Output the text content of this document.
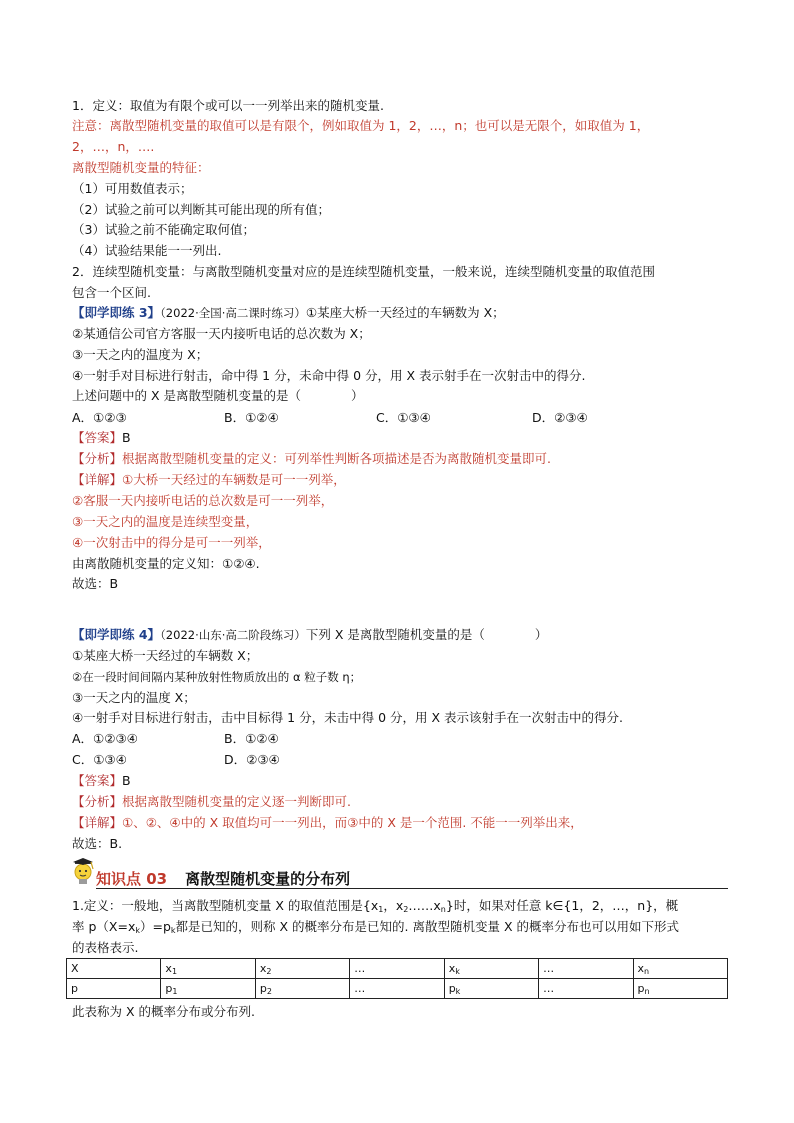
1．定义：取值为有限个或可以一一列举出来的随机变量.
注意：离散型随机变量的取值可以是有限个，例如取值为 1，2，…，n；也可以是无限个，如取值为 1，
2，…，n，….
离散型随机变量的特征：
（1）可用数值表示；
（2）试验之前可以判断其可能出现的所有值；
（3）试验之前不能确定取何值；
（4）试验结果能一一列出.
2．连续型随机变量：与离散型随机变量对应的是连续型随机变量，一般来说，连续型随机变量的取值范围
包含一个区间.
【即学即练 3】（2022·全国·高二课时练习）①某座大桥一天经过的车辆数为 X；
②某通信公司官方客服一天内接听电话的总次数为 X；
③一天之内的温度为 X；
④一射手对目标进行射击，命中得 1 分，未命中得 0 分，用 X 表示射手在一次射击中的得分.
上述问题中的 X 是离散型随机变量的是（　　　　）
A．①②③	B．①②④	C．①③④	D．②③④
【答案】B
【分析】根据离散型随机变量的定义：可列举性判断各项描述是否为离散随机变量即可.
【详解】①大桥一天经过的车辆数是可一一列举，
②客服一天内接听电话的总次数是可一一列举，
③一天之内的温度是连续型变量，
④一次射击中的得分是可一一列举，
由离散随机变量的定义知：①②④.
故选：B
【即学即练 4】（2022·山东·高二阶段练习）下列 X 是离散型随机变量的是（　　　　）
①某座大桥一天经过的车辆数 X；
②在一段时间间隔内某种放射性物质放出的 α 粒子数 η；
③一天之内的温度 X；
④一射手对目标进行射击，击中目标得 1 分，未击中得 0 分，用 X 表示该射手在一次射击中的得分.
A．①②③④	B．①②④
C．①③④	D．②③④
【答案】B
【分析】根据离散型随机变量的定义逐一判断即可.
【详解】①、②、④中的 X 取值均可一一列出，而③中的 X 是一个范围. 不能一一列举出来，
故选：B.
知识点 03 离散型随机变量的分布列
1.定义：一般地，当离散型随机变量 X 的取值范围是{$x_1$，$x_2\dots\dots x_n$}时，如果对任意 k∈{1，2，…，n}，概
率 $p(X=x_k)=p_k$都是已知的，则称 X 的概率分布是已知的. 离散型随机变量 X 的概率分布也可以用如下形式
的表格表示.
X	$x_1$	$x_2$	…	$x_k$	…	$x_n$
p	$p_1$	$p_2$	…	$p_k$	…	$p_n$
此表称为 X 的概率分布或分布列.
